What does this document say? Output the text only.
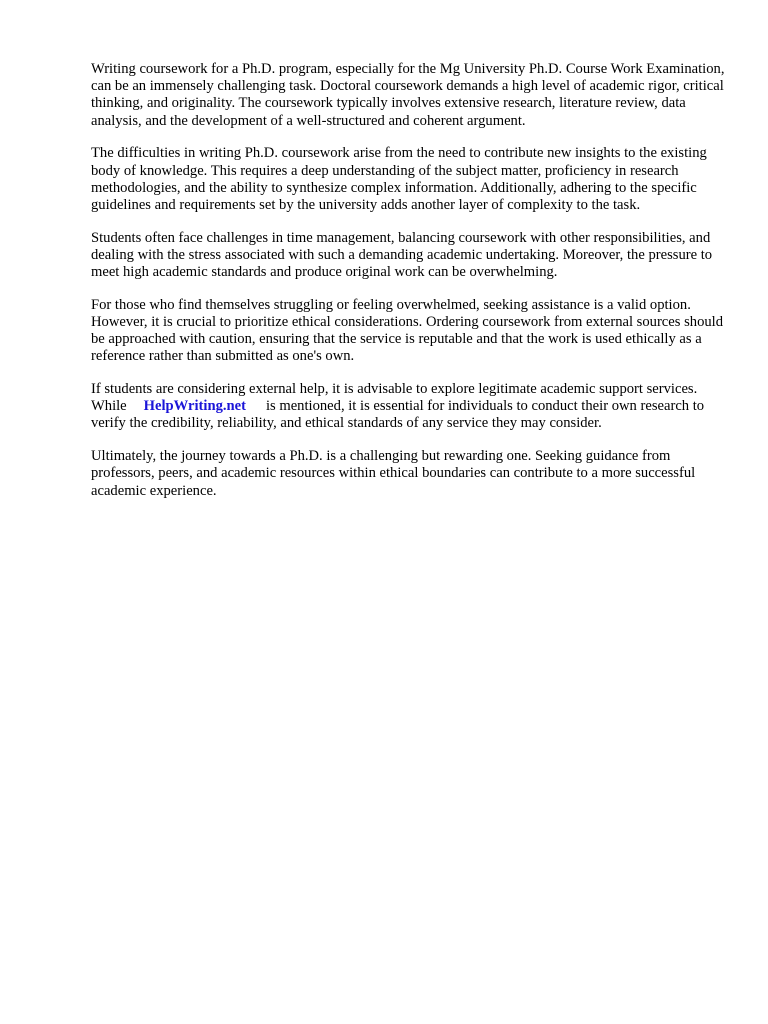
Writing coursework for a Ph.D. program, especially for the Mg University Ph.D. Course Work Examination, can be an immensely challenging task. Doctoral coursework demands a high level of academic rigor, critical thinking, and originality. The coursework typically involves extensive research, literature review, data analysis, and the development of a well-structured and coherent argument.

The difficulties in writing Ph.D. coursework arise from the need to contribute new insights to the existing body of knowledge. This requires a deep understanding of the subject matter, proficiency in research methodologies, and the ability to synthesize complex information. Additionally, adhering to the specific guidelines and requirements set by the university adds another layer of complexity to the task.

Students often face challenges in time management, balancing coursework with other responsibilities, and dealing with the stress associated with such a demanding academic undertaking. Moreover, the pressure to meet high academic standards and produce original work can be overwhelming.

For those who find themselves struggling or feeling overwhelmed, seeking assistance is a valid option. However, it is crucial to prioritize ethical considerations. Ordering coursework from external sources should be approached with caution, ensuring that the service is reputable and that the work is used ethically as a reference rather than submitted as one's own.

If students are considering external help, it is advisable to explore legitimate academic support services. While HelpWriting.net is mentioned, it is essential for individuals to conduct their own research to verify the credibility, reliability, and ethical standards of any service they may consider.

Ultimately, the journey towards a Ph.D. is a challenging but rewarding one. Seeking guidance from professors, peers, and academic resources within ethical boundaries can contribute to a more successful academic experience.
